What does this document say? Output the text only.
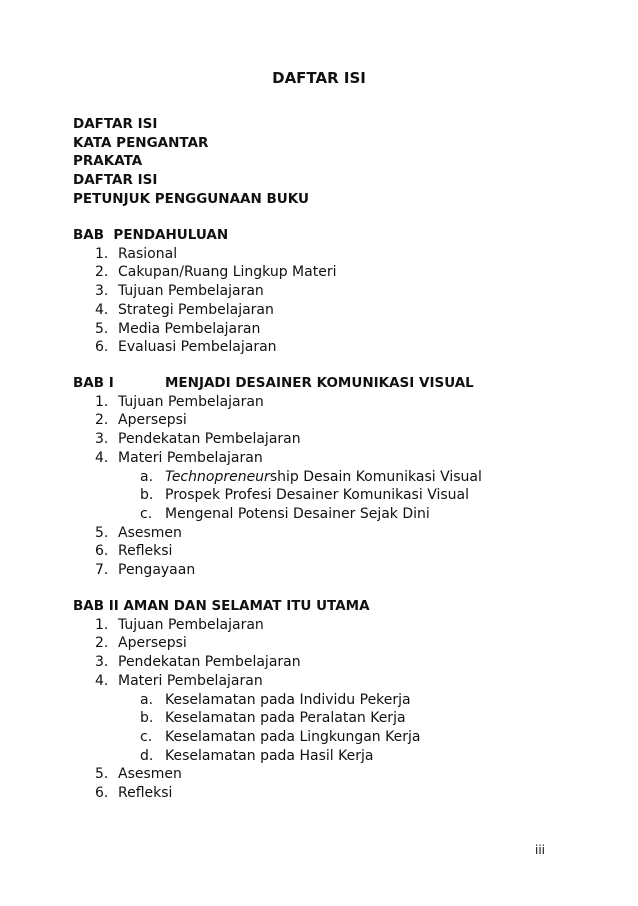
DAFTAR ISI
DAFTAR ISI
KATA PENGANTAR
PRAKATA
DAFTAR ISI
PETUNJUK PENGGUNAAN BUKU
BAB  PENDAHULUAN
1. Rasional
2. Cakupan/Ruang Lingkup Materi
3. Tujuan Pembelajaran
4. Strategi Pembelajaran
5. Media Pembelajaran
6. Evaluasi Pembelajaran
BAB I	MENJADI DESAINER KOMUNIKASI VISUAL
1. Tujuan Pembelajaran
2. Apersepsi
3. Pendekatan Pembelajaran
4. Materi Pembelajaran
a. Technopreneurship Desain Komunikasi Visual
b. Prospek Profesi Desainer Komunikasi Visual
c. Mengenal Potensi Desainer Sejak Dini
5. Asesmen
6. Refleksi
7. Pengayaan
BAB II AMAN DAN SELAMAT ITU UTAMA
1. Tujuan Pembelajaran
2. Apersepsi
3. Pendekatan Pembelajaran
4. Materi Pembelajaran
a. Keselamatan pada Individu Pekerja
b. Keselamatan pada Peralatan Kerja
c. Keselamatan pada Lingkungan Kerja
d. Keselamatan pada Hasil Kerja
5. Asesmen
6. Refleksi
iii
